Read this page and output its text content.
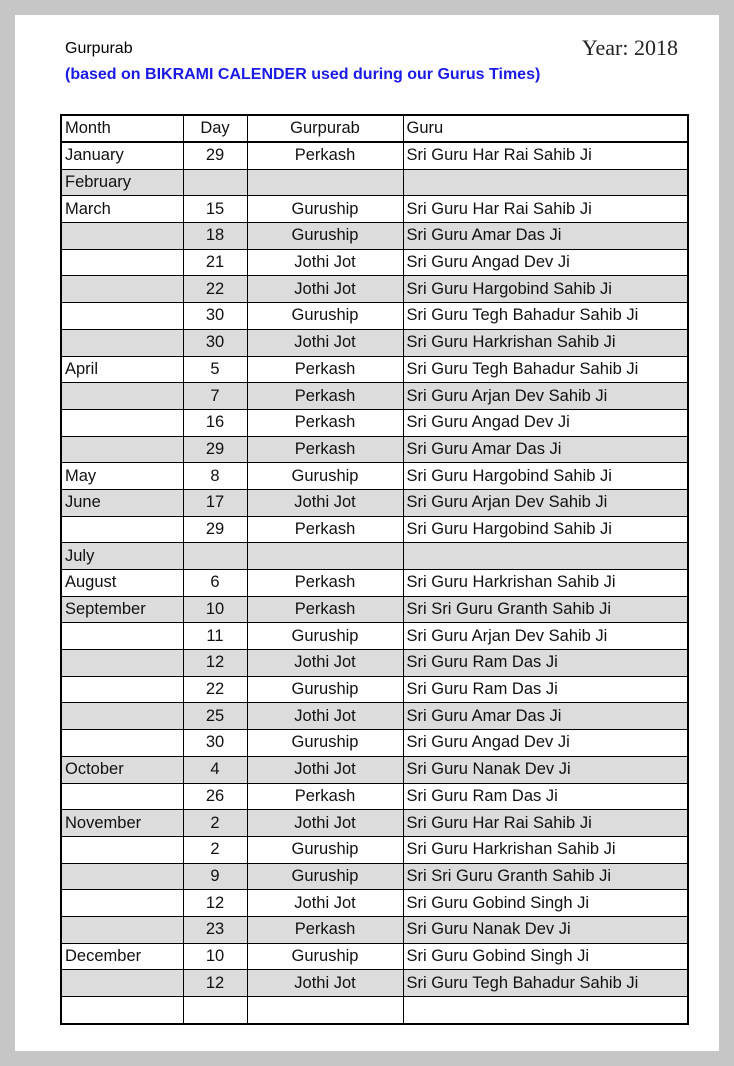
Gurpurab
(based on BIKRAMI CALENDER used during our Gurus Times)
Year: 2018
Month	Day	Gurpurab	Guru
January	29	Perkash	Sri Guru Har Rai Sahib Ji
February			
March	15	Guruship	Sri Guru Har Rai Sahib Ji
	18	Guruship	Sri Guru Amar Das Ji
	21	Jothi Jot	Sri Guru Angad Dev Ji
	22	Jothi Jot	Sri Guru Hargobind Sahib Ji
	30	Guruship	Sri Guru Tegh Bahadur Sahib Ji
	30	Jothi Jot	Sri Guru Harkrishan Sahib Ji
April	5	Perkash	Sri Guru Tegh Bahadur Sahib Ji
	7	Perkash	Sri Guru Arjan Dev Sahib Ji
	16	Perkash	Sri Guru Angad Dev Ji
	29	Perkash	Sri Guru Amar Das Ji
May	8	Guruship	Sri Guru Hargobind Sahib Ji
June	17	Jothi Jot	Sri Guru Arjan Dev Sahib Ji
	29	Perkash	Sri Guru Hargobind Sahib Ji
July			
August	6	Perkash	Sri Guru Harkrishan Sahib Ji
September	10	Perkash	Sri Sri Guru Granth Sahib Ji
	11	Guruship	Sri Guru Arjan Dev Sahib Ji
	12	Jothi Jot	Sri Guru Ram Das Ji
	22	Guruship	Sri Guru Ram Das Ji
	25	Jothi Jot	Sri Guru Amar Das Ji
	30	Guruship	Sri Guru Angad Dev Ji
October	4	Jothi Jot	Sri Guru Nanak Dev Ji
	26	Perkash	Sri Guru Ram Das Ji
November	2	Jothi Jot	Sri Guru Har Rai Sahib Ji
	2	Guruship	Sri Guru Harkrishan Sahib Ji
	9	Guruship	Sri Sri Guru Granth Sahib Ji
	12	Jothi Jot	Sri Guru Gobind Singh Ji
	23	Perkash	Sri Guru Nanak Dev Ji
December	10	Guruship	Sri Guru Gobind Singh Ji
	12	Jothi Jot	Sri Guru Tegh Bahadur Sahib Ji
